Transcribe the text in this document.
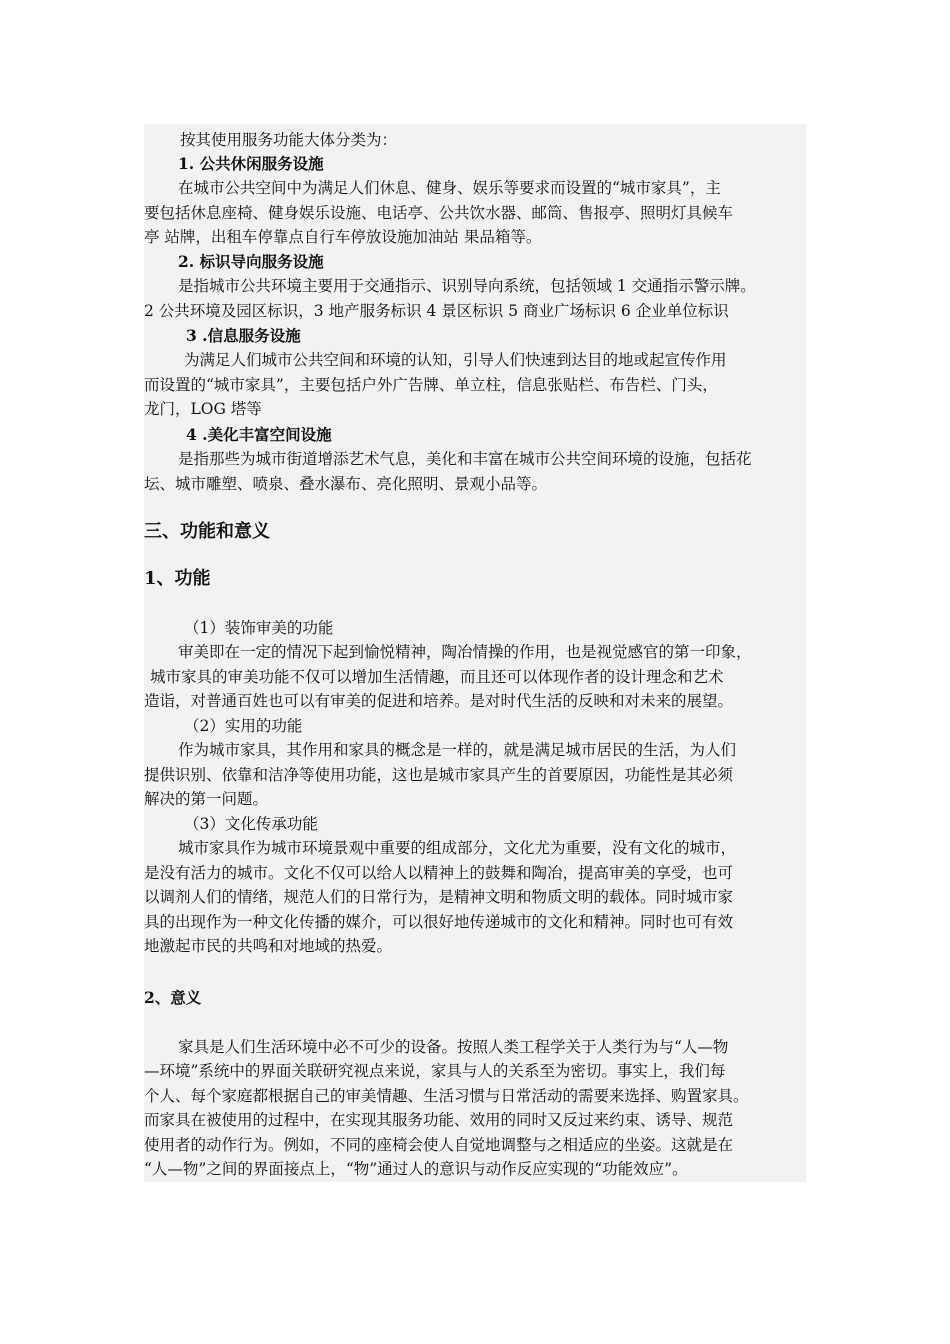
按其使用服务功能大体分类为：
1. 公共休闲服务设施
在城市公共空间中为满足人们休息、健身、娱乐等要求而设置的“城市家具”，主
要包括休息座椅、健身娱乐设施、电话亭、公共饮水器、邮筒、售报亭、照明灯具候车
亭 站牌，出租车停靠点自行车停放设施加油站 果品箱等。
2. 标识导向服务设施
是指城市公共环境主要用于交通指示、识别导向系统，包括领域 1 交通指示警示牌。
2 公共环境及园区标识，3 地产服务标识 4 景区标识 5 商业广场标识 6 企业单位标识
3 .信息服务设施
为满足人们城市公共空间和环境的认知，引导人们快速到达目的地或起宣传作用
而设置的“城市家具”，主要包括户外广告牌、单立柱，信息张贴栏、布告栏、门头，
龙门，LOG 塔等
4 .美化丰富空间设施
是指那些为城市街道增添艺术气息，美化和丰富在城市公共空间环境的设施，包括花
坛、城市雕塑、喷泉、叠水瀑布、亮化照明、景观小品等。
三、功能和意义
1、功能
（1）装饰审美的功能
审美即在一定的情况下起到愉悦精神，陶冶情操的作用，也是视觉感官的第一印象，
城市家具的审美功能不仅可以增加生活情趣，而且还可以体现作者的设计理念和艺术
造诣，对普通百姓也可以有审美的促进和培养。是对时代生活的反映和对未来的展望。
（2）实用的功能
作为城市家具，其作用和家具的概念是一样的，就是满足城市居民的生活，为人们
提供识别、依靠和洁净等使用功能，这也是城市家具产生的首要原因，功能性是其必须
解决的第一问题。
（3）文化传承功能
城市家具作为城市环境景观中重要的组成部分，文化尤为重要，没有文化的城市，
是没有活力的城市。文化不仅可以给人以精神上的鼓舞和陶冶，提高审美的享受，也可
以调剂人们的情绪，规范人们的日常行为，是精神文明和物质文明的载体。同时城市家
具的出现作为一种文化传播的媒介，可以很好地传递城市的文化和精神。同时也可有效
地激起市民的共鸣和对地域的热爱。
2、意义
家具是人们生活环境中必不可少的设备。按照人类工程学关于人类行为与“人—物
—环境”系统中的界面关联研究视点来说，家具与人的关系至为密切。事实上，我们每
个人、每个家庭都根据自己的审美情趣、生活习惯与日常活动的需要来选择、购置家具。
而家具在被使用的过程中，在实现其服务功能、效用的同时又反过来约束、诱导、规范
使用者的动作行为。例如，不同的座椅会使人自觉地调整与之相适应的坐姿。这就是在
“人—物”之间的界面接点上，“物”通过人的意识与动作反应实现的“功能效应”。
